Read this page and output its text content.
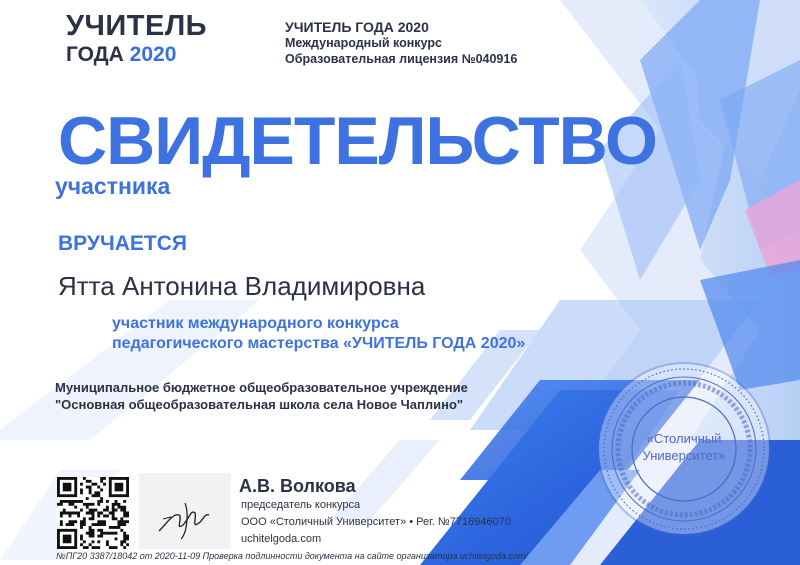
УЧИТЕЛЬ
ГОДА 2020
УЧИТЕЛЬ ГОДА 2020
Международный конкурс
Образовательная лицензия №040916
СВИДЕТЕЛЬСТВО
участника
ВРУЧАЕТСЯ
Ятта Антонина Владимировна
участник международного конкурса
педагогического мастерства «УЧИТЕЛЬ ГОДА 2020»
Муниципальное бюджетное общеобразовательное учреждение
"Основная общеобразовательная школа села Новое Чаплино"
А.В. Волкова
председатель конкурса
ООО «Столичный Университет» • Рег. №7716946070
uchitelgoda.com
№ПГ20 3387/18042 от 2020-11-09 Проверка подлинности документа на сайте организатора uchitelgoda.com/
«Столичный
Университет»
